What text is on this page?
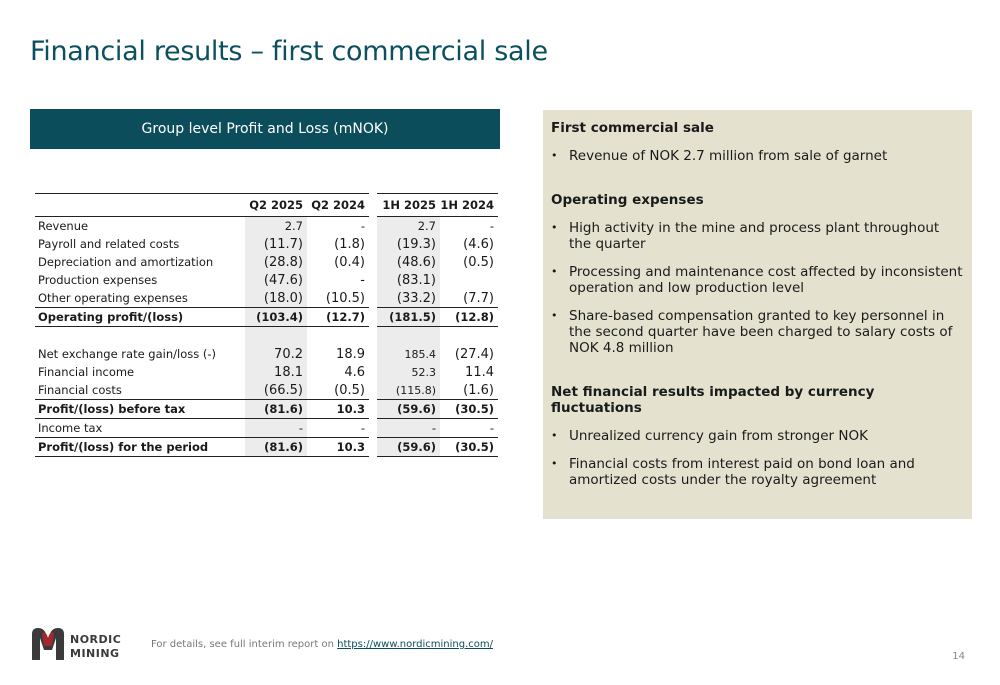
Financial results – first commercial sale
Group level Profit and Loss (mNOK)
	Q2 2025	Q2 2024		1H 2025	1H 2024
Revenue	2.7	-		2.7	-
Payroll and related costs	(11.7)	(1.8)		(19.3)	(4.6)
Depreciation and amortization	(28.8)	(0.4)		(48.6)	(0.5)
Production expenses	(47.6)	-		(83.1)	
Other operating expenses	(18.0)	(10.5)		(33.2)	(7.7)
Operating profit/(loss)	(103.4)	(12.7)		(181.5)	(12.8)

Net exchange rate gain/loss (-)	70.2	18.9		185.4	(27.4)
Financial income	18.1	4.6		52.3	11.4
Financial costs	(66.5)	(0.5)		(115.8)	(1.6)
Profit/(loss) before tax	(81.6)	10.3		(59.6)	(30.5)
Income tax	-	-		-	-
Profit/(loss) for the period	(81.6)	10.3		(59.6)	(30.5)
First commercial sale
• Revenue of NOK 2.7 million from sale of garnet
Operating expenses
• High activity in the mine and process plant throughout the quarter
• Processing and maintenance cost affected by inconsistent operation and low production level
• Share-based compensation granted to key personnel in the second quarter have been charged to salary costs of NOK 4.8 million
Net financial results impacted by currency fluctuations
• Unrealized currency gain from stronger NOK
• Financial costs from interest paid on bond loan and amortized costs under the royalty agreement
NORDIC
MINING
For details, see full interim report on https://www.nordicmining.com/
14
